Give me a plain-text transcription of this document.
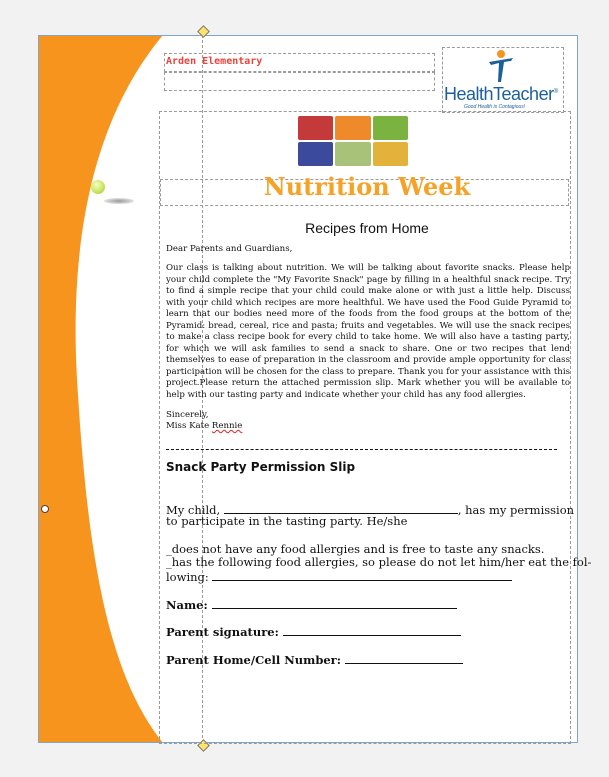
Arden Elementary
HealthTeacher®
Good Health is Contagious!
Nutrition Week
Recipes from Home
Dear Parents and Guardians,
Our class is talking about nutrition. We will be talking about favorite snacks. Please help your child complete the "My Favorite Snack" page by filling in a healthful snack recipe. Try to find a simple recipe that your child could make alone or with just a little help. Discuss with your child which recipes are more healthful. We have used the Food Guide Pyramid to learn that our bodies need more of the foods from the food groups at the bottom of the Pyramid: bread, cereal, rice and pasta; fruits and vegetables. We will use the snack recipes to make a class recipe book for every child to take home. We will also have a tasting party, for which we will ask families to send a snack to share. One or two recipes that lend themselves to ease of preparation in the classroom and provide ample opportunity for class participation will be chosen for the class to prepare. Thank you for your assistance with this project.Please return the attached permission slip. Mark whether you will be available to help with our tasting party and indicate whether your child has any food allergies.
Sincerely,
Miss Kate Rennie
Snack Party Permission Slip
My child,	, has my permission
to participate in the tasting party. He/she
_does not have any food allergies and is free to taste any snacks.
_has the following food allergies, so please do not let him/her eat the fol-
lowing:
Name:
Parent signature:
Parent Home/Cell Number:
